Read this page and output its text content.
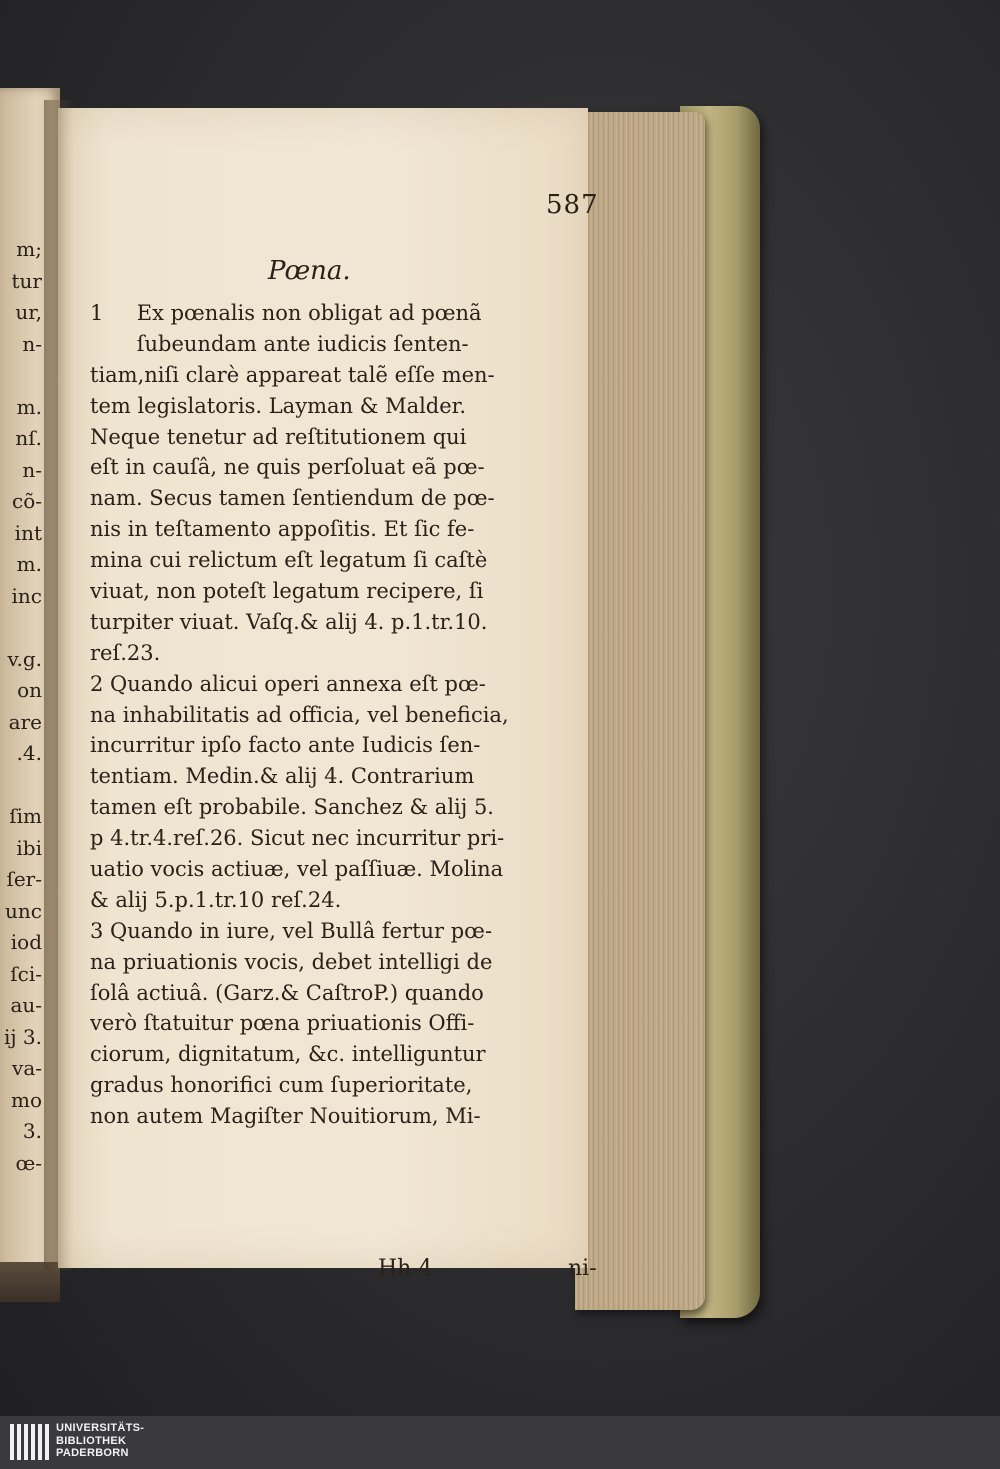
m;
tur
ur,
n-
m.
nſ.
n-
cõ-
int
m.
inc
v.g.
on
are
.4.
ſim
ibi
ſer-
unc
iod
ſci-
au-
ij 3.
va-
mo
3.
œ-
587
Pœna.
1     Ex pœnalis non obligat ad pœnã
ſubeundam ante iudicis ſenten-
tiam,niſi clarè appareat talẽ eſſe men-
tem legislatoris. Layman & Malder.
Neque tenetur ad reſtitutionem qui
eſt in cauſâ, ne quis perſoluat eã pœ-
nam. Secus tamen ſentiendum de pœ-
nis in teſtamento appoſitis. Et ſic fe-
mina cui relictum eſt legatum ſi caſtè
viuat, non poteſt legatum recipere, ſi
turpiter viuat. Vaſq.& alij 4. p.1.tr.10.
reſ.23.
2 Quando alicui operi annexa eſt pœ-
na inhabilitatis ad officia, vel beneficia,
incurritur ipſo facto ante Iudicis ſen-
tentiam. Medin.& alij 4. Contrarium
tamen eſt probabile. Sanchez & alij 5.
p 4.tr.4.reſ.26. Sicut nec incurritur pri-
uatio vocis actiuæ, vel paſſiuæ. Molina
& alij 5.p.1.tr.10 reſ.24.
3 Quando in iure, vel Bullâ fertur pœ-
na priuationis vocis, debet intelligi de
ſolâ actiuâ. (Garz.& CaſtroP.) quando
verò ſtatuitur pœna priuationis Offi-
ciorum, dignitatum, &c. intelliguntur
gradus honorifici cum ſuperioritate,
non autem Magiſter Nouitiorum, Mi-
Hh 4	ni-
UNIVERSITÄTS-
BIBLIOTHEK
PADERBORN
